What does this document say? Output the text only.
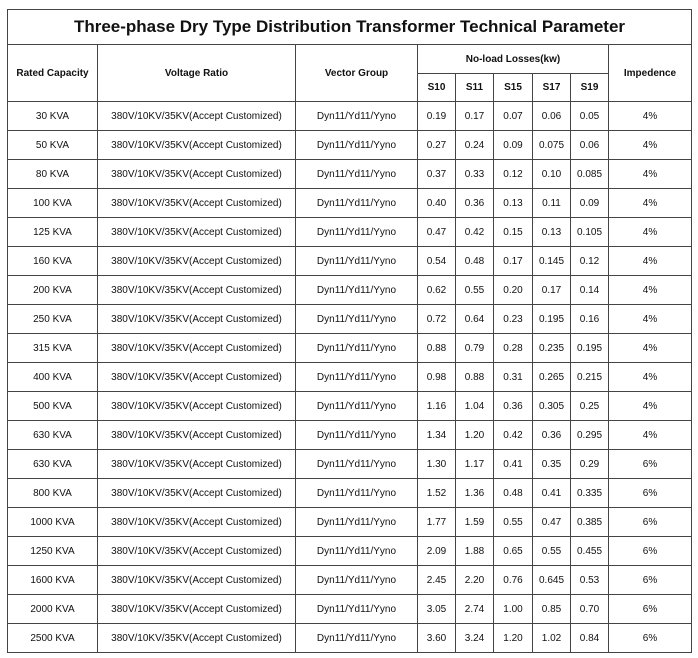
Three-phase Dry Type Distribution Transformer Technical Parameter								
Rated Capacity	Voltage Ratio	Vector Group	No-load Losses(kw)					Impedence
			S10	S11	S15	S17	S19	
30 KVA	380V/10KV/35KV(Accept Customized)	Dyn11/Yd11/Yyno	0.19	0.17	0.07	0.06	0.05	4%
50 KVA	380V/10KV/35KV(Accept Customized)	Dyn11/Yd11/Yyno	0.27	0.24	0.09	0.075	0.06	4%
80 KVA	380V/10KV/35KV(Accept Customized)	Dyn11/Yd11/Yyno	0.37	0.33	0.12	0.10	0.085	4%
100 KVA	380V/10KV/35KV(Accept Customized)	Dyn11/Yd11/Yyno	0.40	0.36	0.13	0.11	0.09	4%
125 KVA	380V/10KV/35KV(Accept Customized)	Dyn11/Yd11/Yyno	0.47	0.42	0.15	0.13	0.105	4%
160 KVA	380V/10KV/35KV(Accept Customized)	Dyn11/Yd11/Yyno	0.54	0.48	0.17	0.145	0.12	4%
200 KVA	380V/10KV/35KV(Accept Customized)	Dyn11/Yd11/Yyno	0.62	0.55	0.20	0.17	0.14	4%
250 KVA	380V/10KV/35KV(Accept Customized)	Dyn11/Yd11/Yyno	0.72	0.64	0.23	0.195	0.16	4%
315 KVA	380V/10KV/35KV(Accept Customized)	Dyn11/Yd11/Yyno	0.88	0.79	0.28	0.235	0.195	4%
400 KVA	380V/10KV/35KV(Accept Customized)	Dyn11/Yd11/Yyno	0.98	0.88	0.31	0.265	0.215	4%
500 KVA	380V/10KV/35KV(Accept Customized)	Dyn11/Yd11/Yyno	1.16	1.04	0.36	0.305	0.25	4%
630 KVA	380V/10KV/35KV(Accept Customized)	Dyn11/Yd11/Yyno	1.34	1.20	0.42	0.36	0.295	4%
630 KVA	380V/10KV/35KV(Accept Customized)	Dyn11/Yd11/Yyno	1.30	1.17	0.41	0.35	0.29	6%
800 KVA	380V/10KV/35KV(Accept Customized)	Dyn11/Yd11/Yyno	1.52	1.36	0.48	0.41	0.335	6%
1000 KVA	380V/10KV/35KV(Accept Customized)	Dyn11/Yd11/Yyno	1.77	1.59	0.55	0.47	0.385	6%
1250 KVA	380V/10KV/35KV(Accept Customized)	Dyn11/Yd11/Yyno	2.09	1.88	0.65	0.55	0.455	6%
1600 KVA	380V/10KV/35KV(Accept Customized)	Dyn11/Yd11/Yyno	2.45	2.20	0.76	0.645	0.53	6%
2000 KVA	380V/10KV/35KV(Accept Customized)	Dyn11/Yd11/Yyno	3.05	2.74	1.00	0.85	0.70	6%
2500 KVA	380V/10KV/35KV(Accept Customized)	Dyn11/Yd11/Yyno	3.60	3.24	1.20	1.02	0.84	6%
